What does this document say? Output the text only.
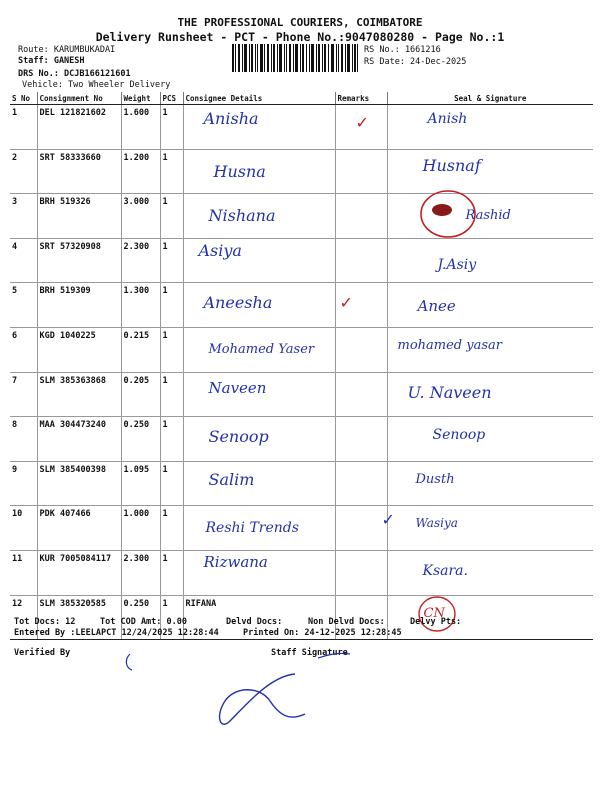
THE PROFESSIONAL COURIERS, COIMBATORE
Delivery Runsheet - PCT - Phone No.:9047080280 - Page No.:1
Route: KARUMBUKADAI
Staff: GANESH
DRS No.: DCJB166121601
Vehicle: Two Wheeler Delivery
RS No.: 1661216
RS Date: 24-Dec-2025
S No	Consignment No	Weight	PCS	Consignee Details	Remarks	Seal & Signature
1	DEL 121821602	1.600	1	Anisha	✓	Anish

2	SRT 58333660	1.200	1	Husna		Husnaf

3	BRH 519326	3.000	1	Nishana		Rashid

4	SRT 57320908	2.300	1	Asiya		J.Asiy

5	BRH 519309	1.300	1	Aneesha	✓	Anee

6	KGD 1040225	0.215	1	Mohamed Yaser		mohamed yasar

7	SLM 385363868	0.205	1	Naveen		U. Naveen

8	MAA 304473240	0.250	1	Senoop		Senoop

9	SLM 385400398	1.095	1	Salim		Dusth

10	PDK 407466	1.000	1	Reshi Trends		✓ Wasiya

11	KUR 7005084117	2.300	1	Rizwana		Ksara.

12	SLM 385320585	0.250	1	RIFANA		CN
Tot Docs: 12	Tot COD Amt: 0.00	Delvd Docs:	Non Delvd Docs:	Delvy Pts:
Entered By :LEELAPCT 12/24/2025 12:28:44	Printed On: 24-12-2025 12:28:45
Verified By	Staff Signature
